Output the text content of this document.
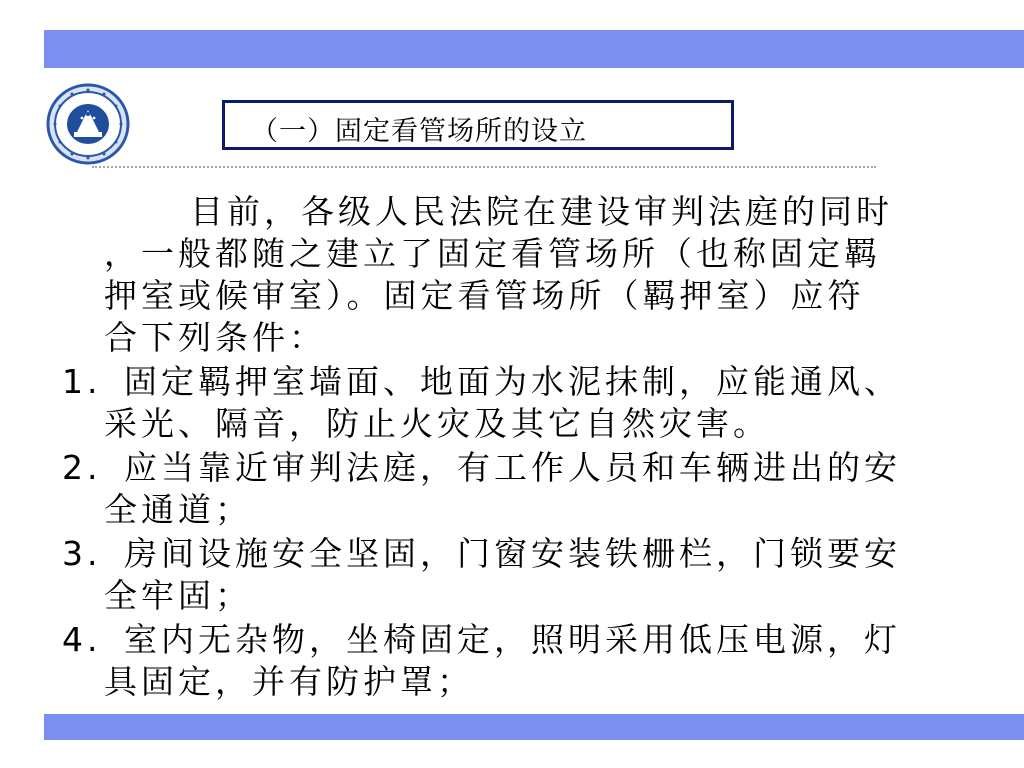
（一）固定看管场所的设立
目前，各级人民法院在建设审判法庭的同时
，一般都随之建立了固定看管场所（也称固定羁
押室或候审室）。固定看管场所（羁押室）应符
合下列条件：
1. 固定羁押室墙面、地面为水泥抹制，应能通风、
采光、隔音，防止火灾及其它自然灾害。
2. 应当靠近审判法庭，有工作人员和车辆进出的安
全通道；
3. 房间设施安全坚固，门窗安装铁栅栏，门锁要安
全牢固；
4. 室内无杂物，坐椅固定，照明采用低压电源，灯
具固定，并有防护罩；
